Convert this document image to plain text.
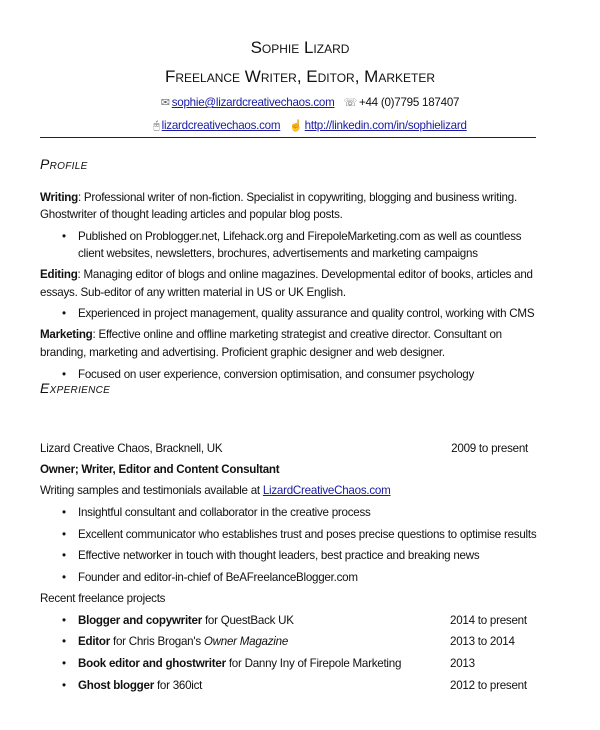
Sophie Lizard
Freelance Writer, Editor, Marketer
✉ sophie@lizardcreativechaos.com ☏ +44 (0)7795 187407
🖰 lizardcreativechaos.com ☝ http://linkedin.com/in/sophielizard
Profile
Writing: Professional writer of non-fiction. Specialist in copywriting, blogging and business writing.
Ghostwriter of thought leading articles and popular blog posts.
• Published on Problogger.net, Lifehack.org and FirepoleMarketing.com as well as countless
client websites, newsletters, brochures, advertisements and marketing campaigns
Editing: Managing editor of blogs and online magazines. Developmental editor of books, articles and
essays. Sub-editor of any written material in US or UK English.
• Experienced in project management, quality assurance and quality control, working with CMS
Marketing: Effective online and offline marketing strategist and creative director. Consultant on
branding, marketing and advertising. Proficient graphic designer and web designer.
• Focused on user experience, conversion optimisation, and consumer psychology
Experience
Lizard Creative Chaos, Bracknell, UK	2009 to present
Owner; Writer, Editor and Content Consultant
Writing samples and testimonials available at LizardCreativeChaos.com
• Insightful consultant and collaborator in the creative process
• Excellent communicator who establishes trust and poses precise questions to optimise results
• Effective networker in touch with thought leaders, best practice and breaking news
• Founder and editor-in-chief of BeAFreelanceBlogger.com
Recent freelance projects
• Blogger and copywriter for QuestBack UK	2014 to present
• Editor for Chris Brogan's Owner Magazine	2013 to 2014
• Book editor and ghostwriter for Danny Iny of Firepole Marketing	2013
• Ghost blogger for 360ict	2012 to present
